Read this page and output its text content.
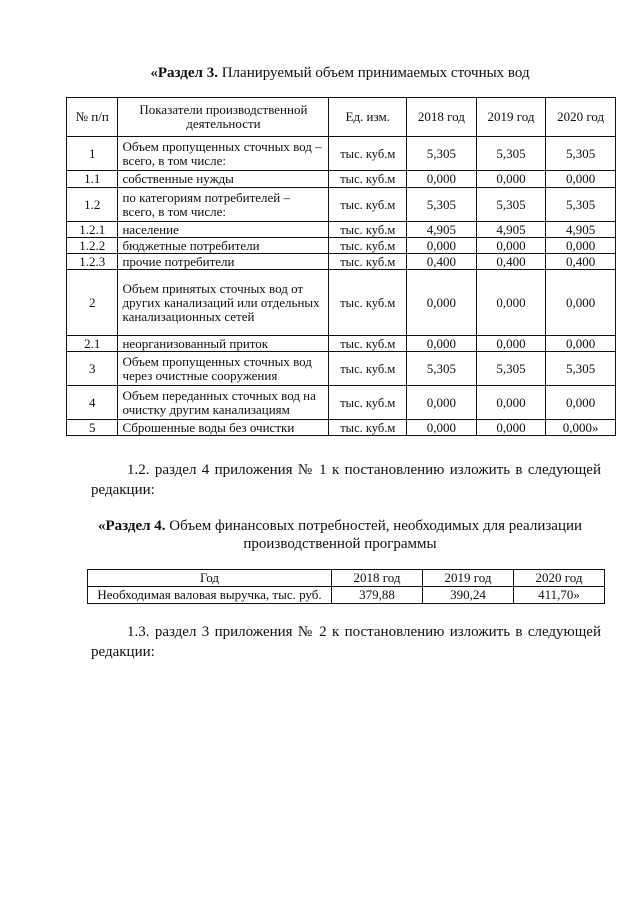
«Раздел 3. Планируемый объем принимаемых сточных вод
№ п/п	Показатели производственной деятельности	Ед. изм.	2018 год	2019 год	2020 год
1	Объем пропущенных сточных вод – всего, в том числе:	тыс. куб.м	5,305	5,305	5,305
1.1	собственные нужды	тыс. куб.м	0,000	0,000	0,000
1.2	по категориям потребителей – всего, в том числе:	тыс. куб.м	5,305	5,305	5,305
1.2.1	население	тыс. куб.м	4,905	4,905	4,905
1.2.2	бюджетные потребители	тыс. куб.м	0,000	0,000	0,000
1.2.3	прочие потребители	тыс. куб.м	0,400	0,400	0,400
2	Объем принятых сточных вод от других канализаций или отдельных канализационных сетей	тыс. куб.м	0,000	0,000	0,000
2.1	неорганизованный приток	тыс. куб.м	0,000	0,000	0,000
3	Объем пропущенных сточных вод через очистные сооружения	тыс. куб.м	5,305	5,305	5,305
4	Объем переданных сточных вод на очистку другим канализациям	тыс. куб.м	0,000	0,000	0,000
5	Сброшенные воды без очистки	тыс. куб.м	0,000	0,000	0,000»
1.2. раздел 4 приложения № 1 к постановлению изложить в следующей редакции:
«Раздел 4. Объем финансовых потребностей, необходимых для реализации производственной программы
Год	2018 год	2019 год	2020 год
Необходимая валовая выручка, тыс. руб.	379,88	390,24	411,70»
1.3. раздел 3 приложения № 2 к постановлению изложить в следующей редакции:
